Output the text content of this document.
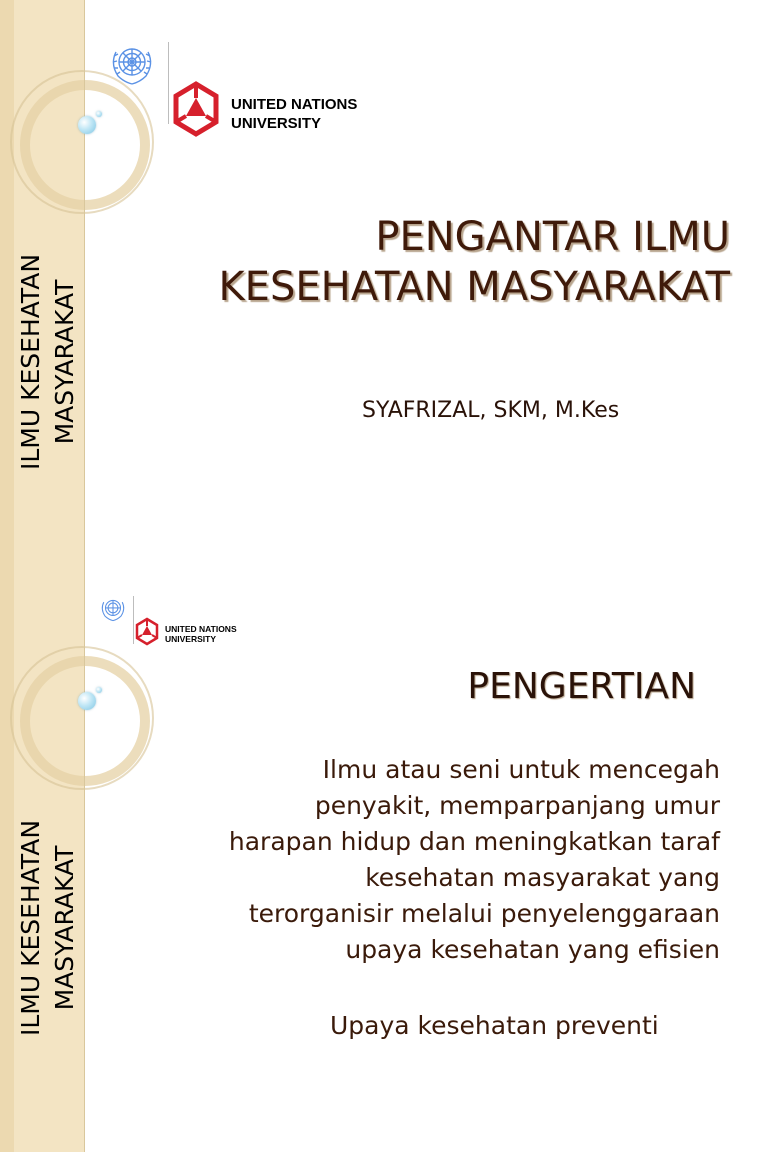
ILMU KESEHATAN MASYARAKAT
UNITED NATIONS
UNIVERSITY
PENGANTAR ILMU
KESEHATAN MASYARAKAT
SYAFRIZAL, SKM, M.Kes
ILMU KESEHATAN MASYARAKAT
UNITED NATIONS
UNIVERSITY
PENGERTIAN
Ilmu atau seni untuk mencegah
penyakit, memparpanjang umur
harapan hidup dan meningkatkan taraf
kesehatan masyarakat yang
terorganisir melalui penyelenggaraan
upaya kesehatan yang efisien
Upaya kesehatan preventi
